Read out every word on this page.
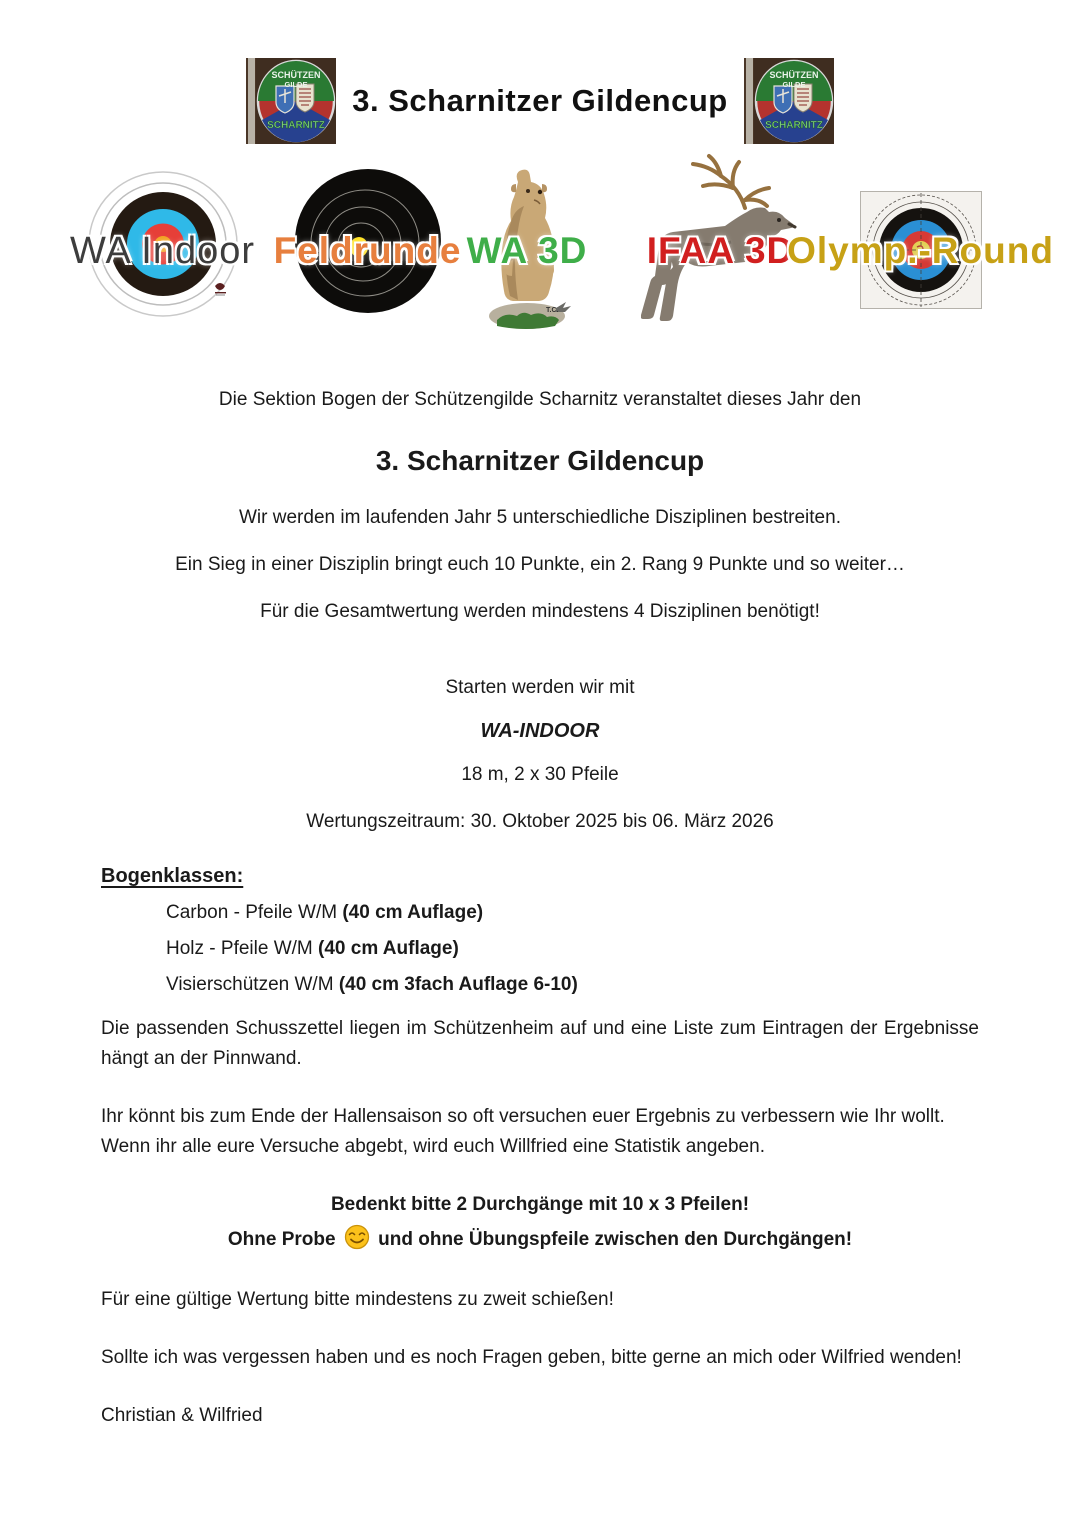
SCHÜTZEN
GILDE
SCHARNITZ
3. Scharnitzer Gildencup
SCHÜTZEN
GILDE
SCHARNITZ
WA Indoor Feldrunde
T.C.
WA 3D IFAA 3D
Olymp.-Round

Die Sektion Bogen der Schützengilde Scharnitz veranstaltet dieses Jahr den

3. Scharnitzer Gildencup

Wir werden im laufenden Jahr 5 unterschiedliche Disziplinen bestreiten.

Ein Sieg in einer Disziplin bringt euch 10 Punkte, ein 2. Rang 9 Punkte und so weiter…

Für die Gesamtwertung werden mindestens 4 Disziplinen benötigt!

Starten werden wir mit

WA-INDOOR

18 m, 2 x 30 Pfeile

Wertungszeitraum: 30. Oktober 2025 bis 06. März 2026

Bogenklassen:

Carbon - Pfeile W/M (40 cm Auflage)

Holz - Pfeile W/M (40 cm Auflage)

Visierschützen W/M (40 cm 3fach Auflage 6-10)

Die passenden Schusszettel liegen im Schützenheim auf und eine Liste zum Eintragen der Ergebnisse hängt an der Pinnwand.

Ihr könnt bis zum Ende der Hallensaison so oft versuchen euer Ergebnis zu verbessern wie Ihr wollt.

Wenn ihr alle eure Versuche abgebt, wird euch Willfried eine Statistik angeben.

Bedenkt bitte 2 Durchgänge mit 10 x 3 Pfeilen!

Ohne Probe und ohne Übungspfeile zwischen den Durchgängen!

Für eine gültige Wertung bitte mindestens zu zweit schießen!

Sollte ich was vergessen haben und es noch Fragen geben, bitte gerne an mich oder Wilfried wenden!

Christian & Wilfried
